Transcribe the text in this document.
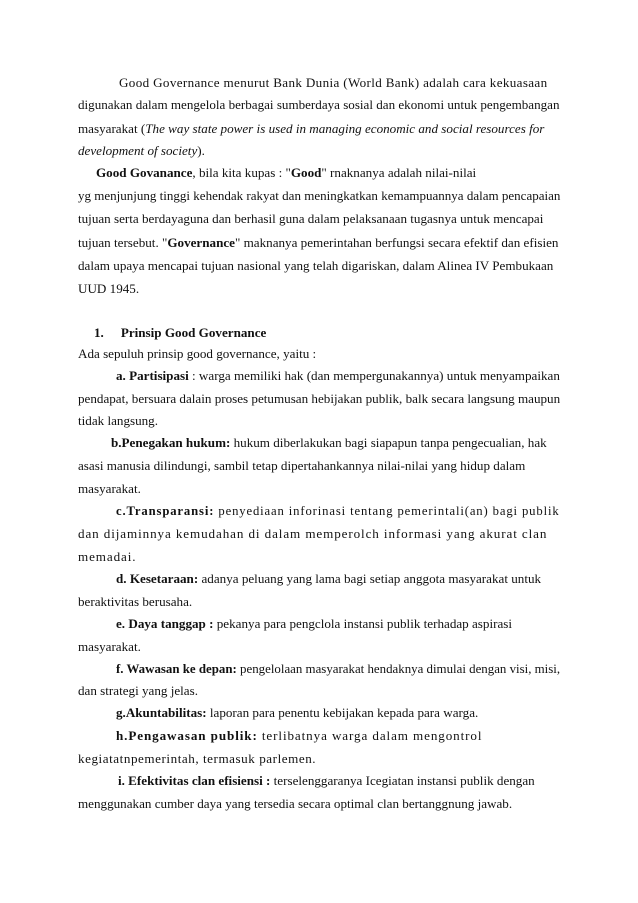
Good Governance menurut Bank Dunia (World Bank) adalah cara kekuasaan
digunakan dalam mengelola berbagai sumberdaya sosial dan ekonomi untuk pengembangan
masyarakat (The way state power is used in managing economic and social resources for
development of society).
Good Govanance, bila kita kupas : "Good" rnaknanya adalah nilai-nilai
yg menjunjung tinggi kehendak rakyat dan meningkatkan kemampuannya dalam pencapaian
tujuan serta berdayaguna dan berhasil guna dalam pelaksanaan tugasnya untuk mencapai
tujuan tersebut. "Governance" maknanya pemerintahan berfungsi secara efektif dan efisien
dalam upaya mencapai tujuan nasional yang telah digariskan, dalam Alinea IV Pembukaan
UUD 1945.
1. Prinsip Good Governance
Ada sepuluh prinsip good governance, yaitu :
a. Partisipasi : warga memiliki hak (dan mempergunakannya) untuk menyampaikan
pendapat, bersuara dalain proses petumusan hebijakan publik, balk secara langsung maupun
tidak langsung.
b.Penegakan hukum: hukum diberlakukan bagi siapapun tanpa pengecualian, hak
asasi manusia dilindungi, sambil tetap dipertahankannya nilai-nilai yang hidup dalam
masyarakat.
c.Transparansi: penyediaan inforinasi tentang pemerintali(an) bagi publik
dan dijaminnya kemudahan di dalam memperolch informasi yang akurat clan
memadai.
d. Kesetaraan: adanya peluang yang lama bagi setiap anggota masyarakat untuk
beraktivitas berusaha.
e. Daya tanggap : pekanya para pengclola instansi publik terhadap aspirasi
masyarakat.
f. Wawasan ke depan: pengelolaan masyarakat hendaknya dimulai dengan visi, misi,
dan strategi yang jelas.
g.Akuntabilitas: laporan para penentu kebijakan kepada para warga.
h.Pengawasan publik: terlibatnya warga dalam mengontrol
kegiatatnpemerintah, termasuk parlemen.
i. Efektivitas clan efisiensi : terselenggaranya Icegiatan instansi publik dengan
menggunakan cumber daya yang tersedia secara optimal clan bertanggnung jawab.
